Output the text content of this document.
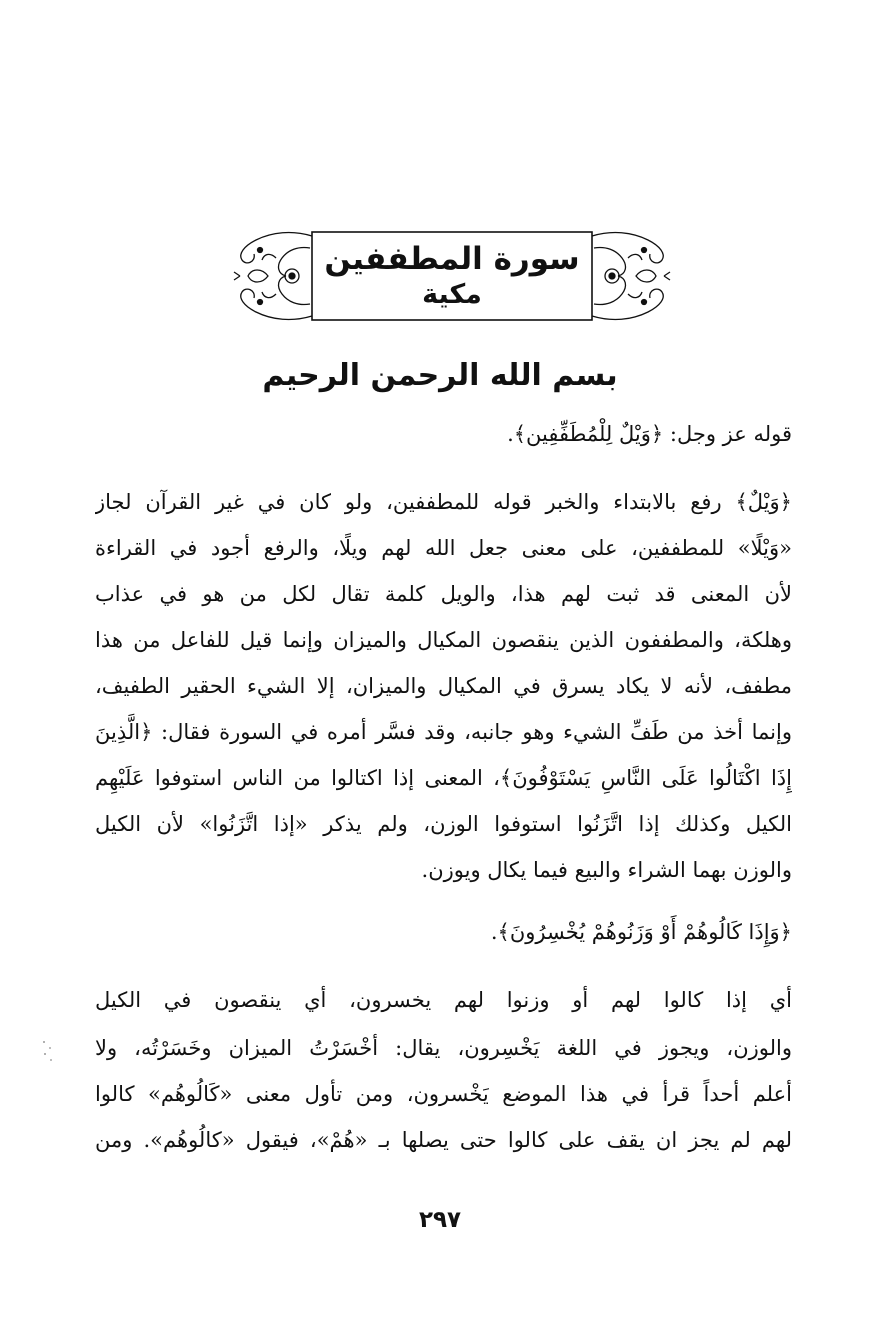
سورة المطففين
مكية
بسم الله الرحمن الرحيم
قوله عز وجل: ﴿وَيْلٌ لِلْمُطَفِّفِين﴾.
﴿وَيْلٌ﴾ رفع بالابتداء والخبر قوله للمطففين، ولو كان في غير القرآن لجاز
«وَيْلًا» للمطففين، على معنى جعل الله لهم ويلًا، والرفع أجود في القراءة
لأن المعنى قد ثبت لهم هذا، والويل كلمة تقال لكل من هو في عذاب
وهلكة، والمطففون الذين ينقصون المكيال والميزان وإنما قيل للفاعل من هذا
مطفف، لأنه لا يكاد يسرق في المكيال والميزان، إلا الشيء الحقير الطفيف،
وإنما أخذ من طَفِّ الشيء وهو جانبه، وقد فسَّر أمره في السورة فقال: ﴿الَّذِينَ
إِذَا اكْتَالُوا عَلَى النَّاسِ يَسْتَوْفُونَ﴾، المعنى إذا اكتالوا من الناس استوفوا عَلَيْهِم
الكيل وكذلك إذا اتَّزَنُوا استوفوا الوزن، ولم يذكر «إذا اتَّزَنُوا» لأن الكيل
والوزن بهما الشراء والبيع فيما يكال ويوزن.
﴿وَإِذَا كَالُوهُمْ أَوْ وَزَنُوهُمْ يُخْسِرُونَ﴾.
أي إذا كالوا لهم أو وزنوا لهم يخسرون، أي ينقصون في الكيل
والوزن، ويجوز في اللغة يَخْسِرون، يقال: أخْسَرْتُ الميزان وخَسَرْتُه، ولا
أعلم أحداً قرأ في هذا الموضع يَخْسرون، ومن تأول معنى «كَالُوهُم» كالوا
لهم لم يجز ان يقف على كالوا حتى يصلها بـ «هُمْ»، فيقول «كالُوهُم». ومن
٢٩٧
